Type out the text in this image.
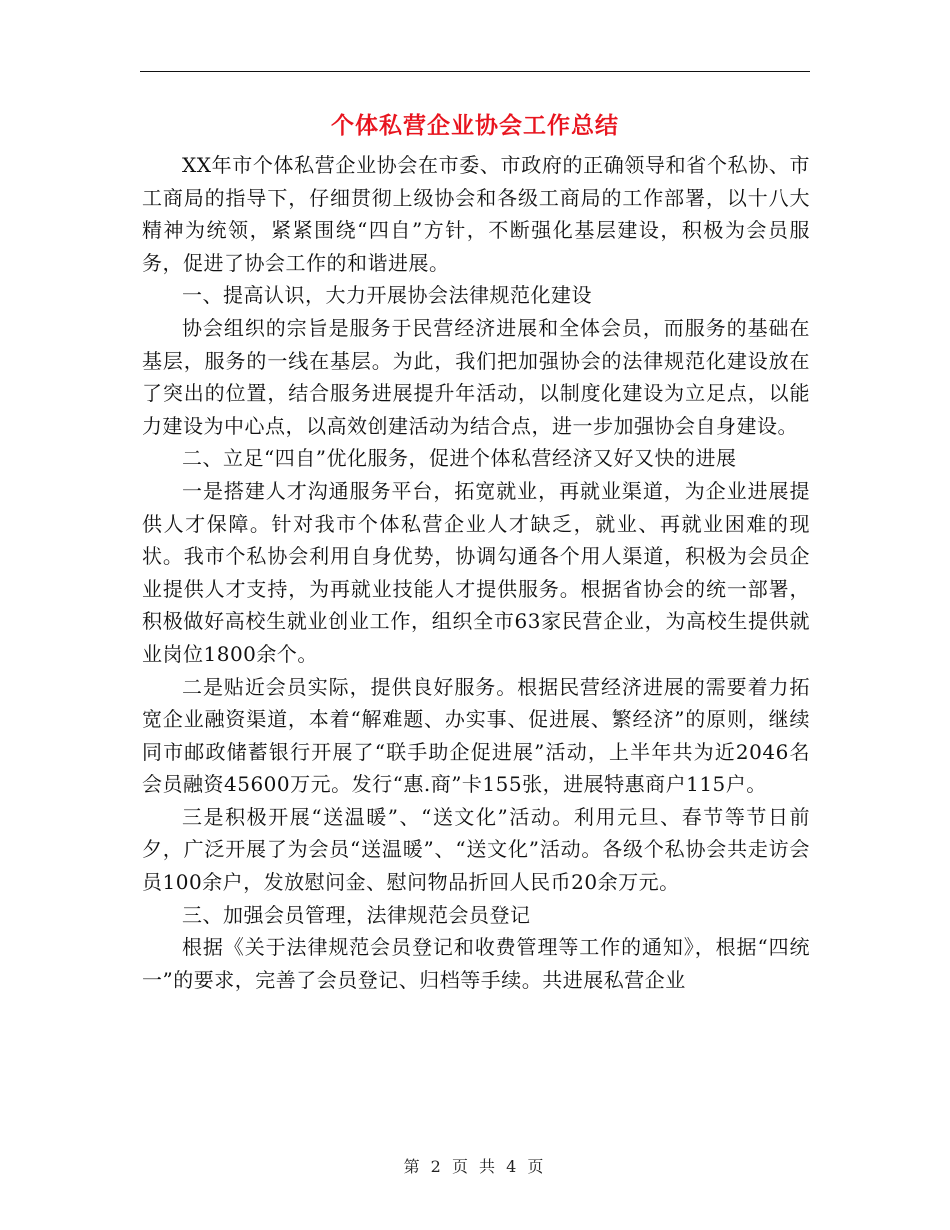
个体私营企业协会工作总结

XX年市个体私营企业协会在市委、市政府的正确领导和省个私协、市工商局的指导下，仔细贯彻上级协会和各级工商局的工作部署，以十八大精神为统领，紧紧围绕“四自”方针，不断强化基层建设，积极为会员服务，促进了协会工作的和谐进展。

一、提高认识，大力开展协会法律规范化建设

协会组织的宗旨是服务于民营经济进展和全体会员，而服务的基础在基层，服务的一线在基层。为此，我们把加强协会的法律规范化建设放在了突出的位置，结合服务进展提升年活动，以制度化建设为立足点，以能力建设为中心点，以高效创建活动为结合点，进一步加强协会自身建设。

二、立足“四自”优化服务，促进个体私营经济又好又快的进展

一是搭建人才沟通服务平台，拓宽就业，再就业渠道，为企业进展提供人才保障。针对我市个体私营企业人才缺乏，就业、再就业困难的现状。我市个私协会利用自身优势，协调勾通各个用人渠道，积极为会员企业提供人才支持，为再就业技能人才提供服务。根据省协会的统一部署，积极做好高校生就业创业工作，组织全市63家民营企业，为高校生提供就业岗位1800余个。

二是贴近会员实际，提供良好服务。根据民营经济进展的需要着力拓宽企业融资渠道，本着“解难题、办实事、促进展、繁经济”的原则，继续同市邮政储蓄银行开展了“联手助企促进展”活动，上半年共为近2046名会员融资45600万元。发行“惠.商”卡155张，进展特惠商户115户。

三是积极开展“送温暖”、“送文化”活动。利用元旦、春节等节日前夕，广泛开展了为会员“送温暖”、“送文化”活动。各级个私协会共走访会员100余户，发放慰问金、慰问物品折回人民币20余万元。

三、加强会员管理，法律规范会员登记

根据《关于法律规范会员登记和收费管理等工作的通知》，根据“四统一”的要求，完善了会员登记、归档等手续。共进展私营企业

第 2 页 共 4 页
